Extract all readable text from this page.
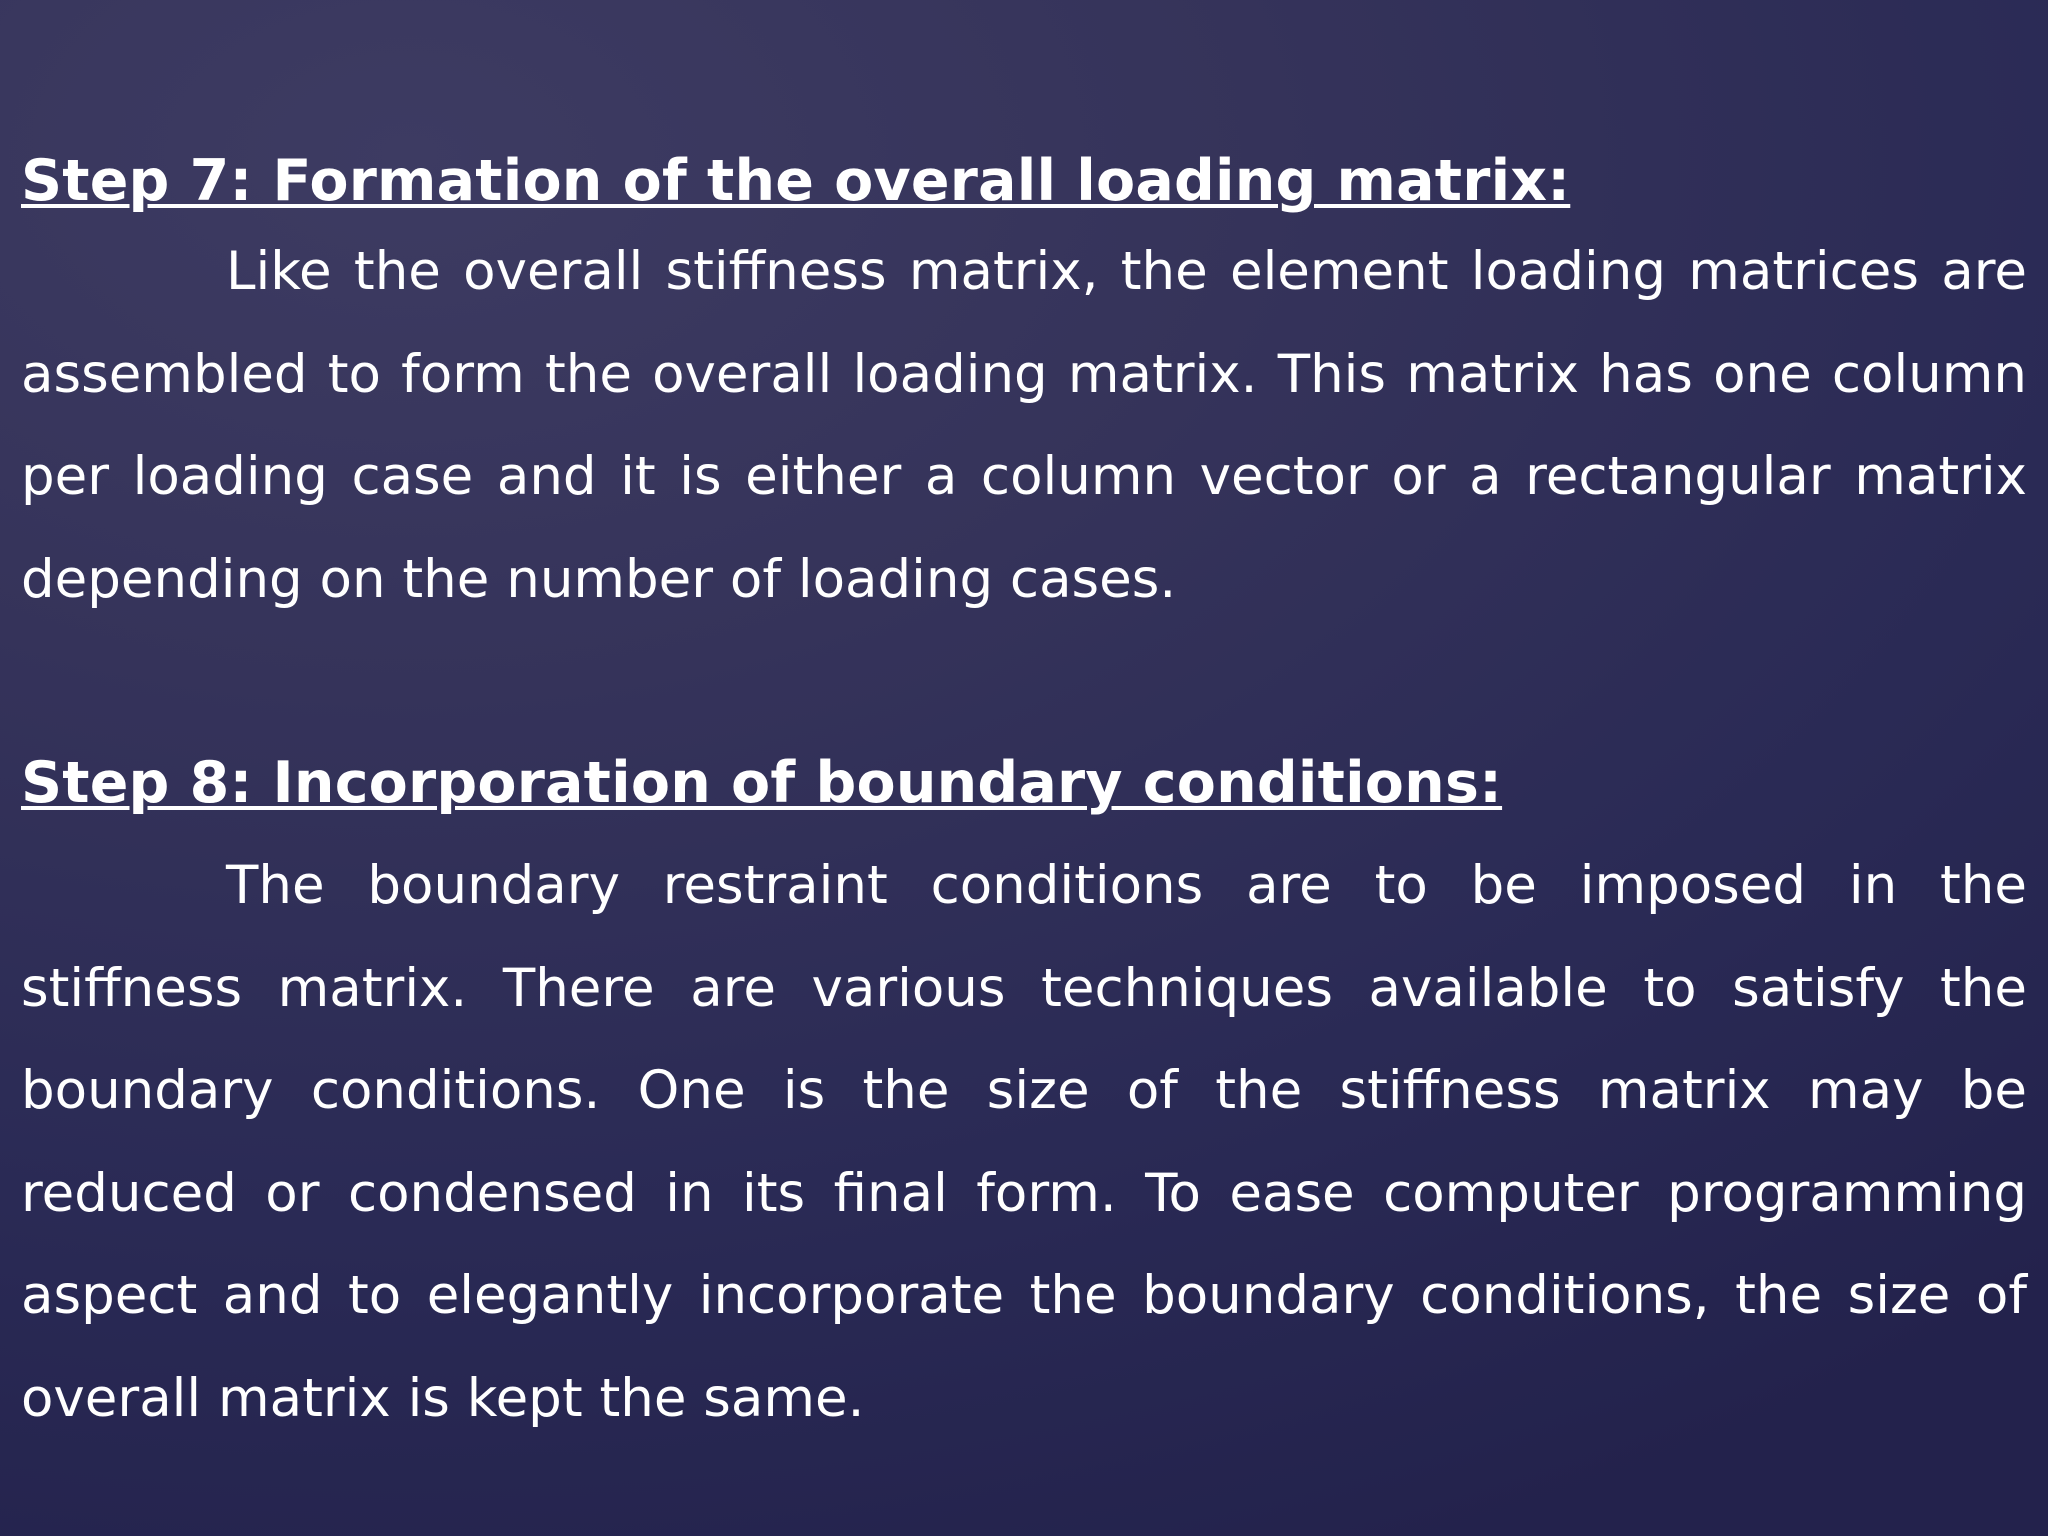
Step 7: Formation of the overall loading matrix:

Like the overall stiffness matrix, the element loading matrices are assembled to form the overall loading matrix. This matrix has one column per loading case and it is either a column vector or a rectangular matrix depending on the number of loading cases.

Step 8: Incorporation of boundary conditions:

The boundary restraint conditions are to be imposed in the stiffness matrix. There are various techniques available to satisfy the boundary conditions. One is the size of the stiffness matrix may be reduced or condensed in its final form. To ease computer programming aspect and to elegantly incorporate the boundary conditions, the size of overall matrix is kept the same.
